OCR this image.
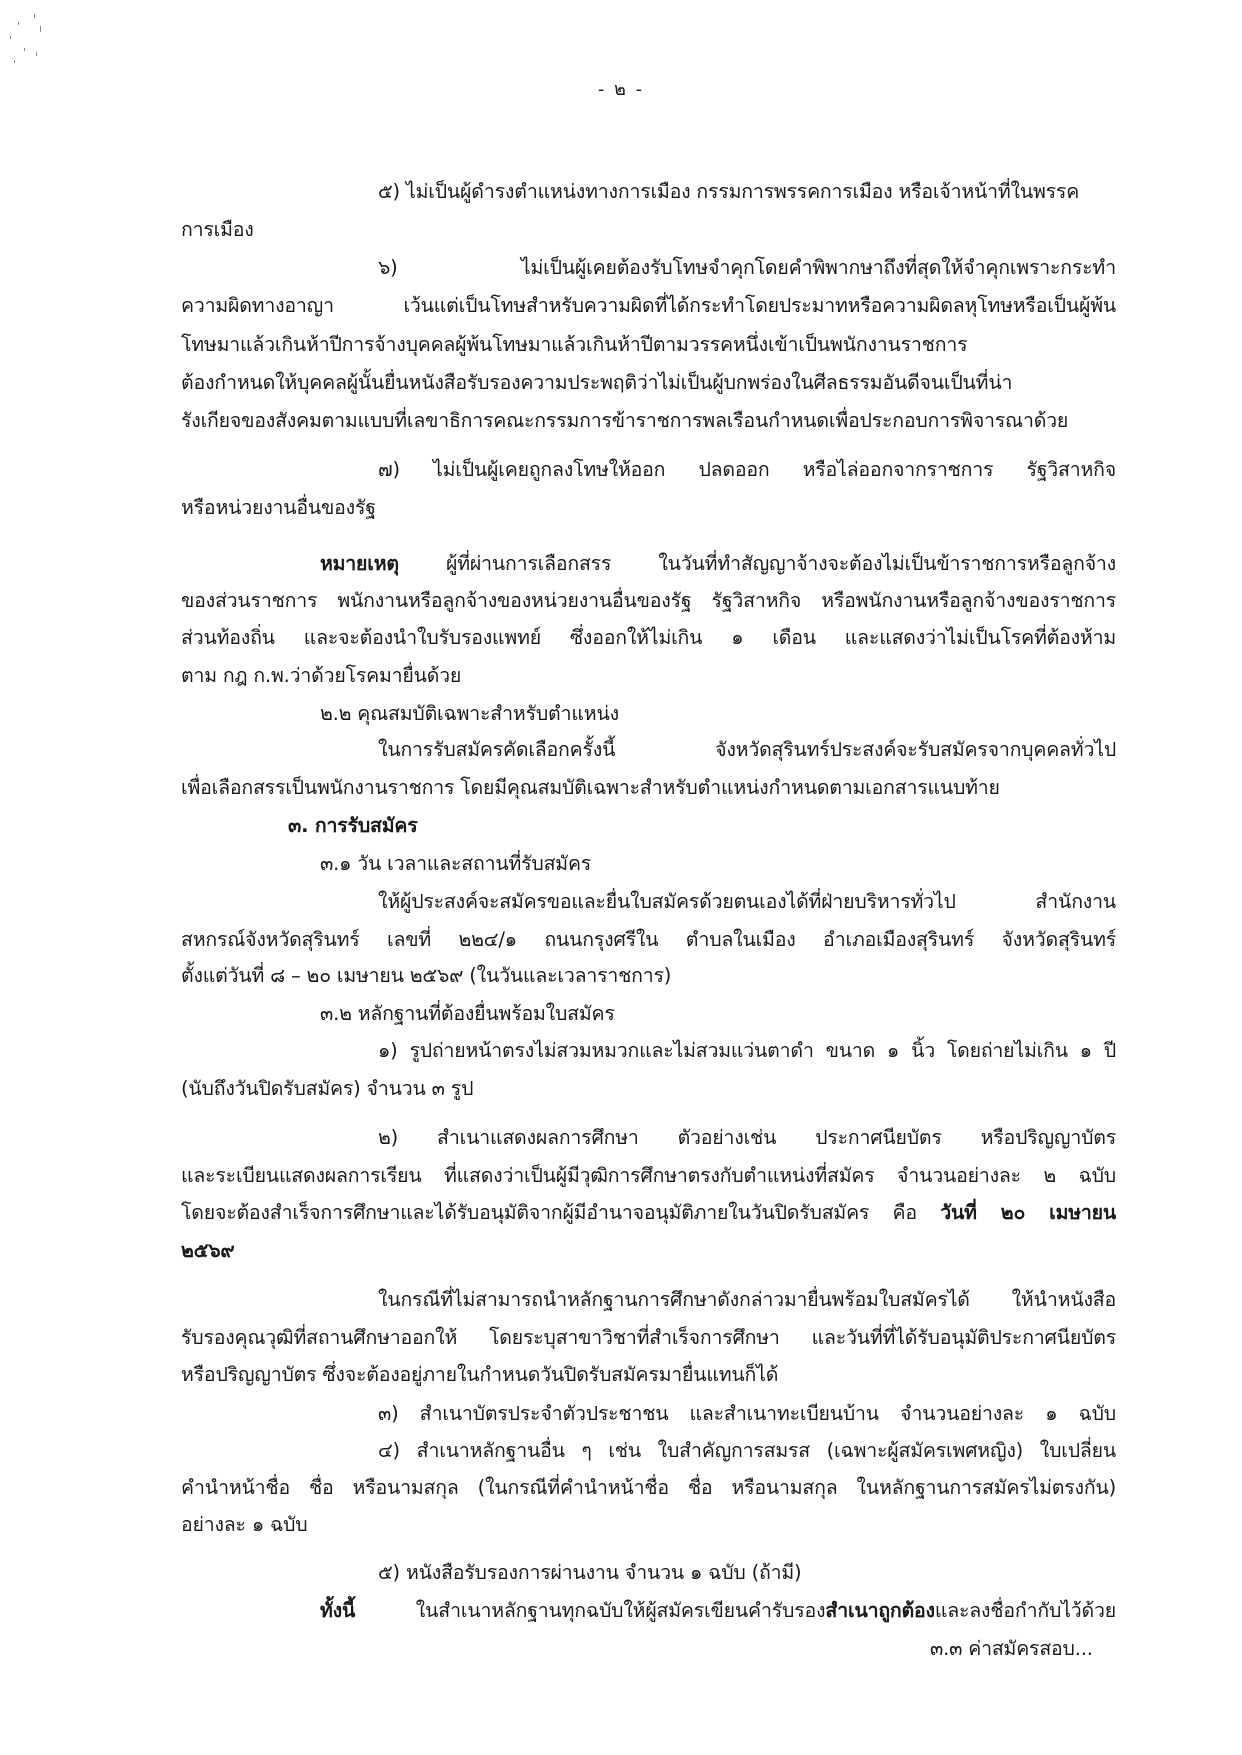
- ๒ -
๕) ไม่เป็นผู้ดำรงตำแหน่งทางการเมือง กรรมการพรรคการเมือง หรือเจ้าหน้าที่ในพรรค
การเมือง
๖) ไม่เป็นผู้เคยต้องรับโทษจำคุกโดยคำพิพากษาถึงที่สุดให้จำคุกเพราะกระทำ
ความผิดทางอาญา เว้นแต่เป็นโทษสำหรับความผิดที่ได้กระทำโดยประมาทหรือความผิดลหุโทษหรือเป็นผู้พ้น
โทษมาแล้วเกินห้าปีการจ้างบุคคลผู้พ้นโทษมาแล้วเกินห้าปีตามวรรคหนึ่งเข้าเป็นพนักงานราชการ
ต้องกำหนดให้บุคคลผู้นั้นยื่นหนังสือรับรองความประพฤติว่าไม่เป็นผู้บกพร่องในศีลธรรมอันดีจนเป็นที่น่า
รังเกียจของสังคมตามแบบที่เลขาธิการคณะกรรมการข้าราชการพลเรือนกำหนดเพื่อประกอบการพิจารณาด้วย
๗) ไม่เป็นผู้เคยถูกลงโทษให้ออก ปลดออก หรือไล่ออกจากราชการ รัฐวิสาหกิจ
หรือหน่วยงานอื่นของรัฐ
หมายเหตุ ผู้ที่ผ่านการเลือกสรร ในวันที่ทำสัญญาจ้างจะต้องไม่เป็นข้าราชการหรือลูกจ้าง
ของส่วนราชการ พนักงานหรือลูกจ้างของหน่วยงานอื่นของรัฐ รัฐวิสาหกิจ หรือพนักงานหรือลูกจ้างของราชการ
ส่วนท้องถิ่น และจะต้องนำใบรับรองแพทย์ ซึ่งออกให้ไม่เกิน ๑ เดือน และแสดงว่าไม่เป็นโรคที่ต้องห้าม
ตาม กฎ ก.พ.ว่าด้วยโรคมายื่นด้วย
๒.๒ คุณสมบัติเฉพาะสำหรับตำแหน่ง
ในการรับสมัครคัดเลือกครั้งนี้ จังหวัดสุรินทร์ประสงค์จะรับสมัครจากบุคคลทั่วไป
เพื่อเลือกสรรเป็นพนักงานราชการ โดยมีคุณสมบัติเฉพาะสำหรับตำแหน่งกำหนดตามเอกสารแนบท้าย
๓. การรับสมัคร
๓.๑ วัน เวลาและสถานที่รับสมัคร
ให้ผู้ประสงค์จะสมัครขอและยื่นใบสมัครด้วยตนเองได้ที่ฝ่ายบริหารทั่วไป สำนักงาน
สหกรณ์จังหวัดสุรินทร์ เลขที่ ๒๒๔/๑ ถนนกรุงศรีใน ตำบลในเมือง อำเภอเมืองสุรินทร์ จังหวัดสุรินทร์
ตั้งแต่วันที่ ๘ – ๒๐ เมษายน ๒๕๖๙ (ในวันและเวลาราชการ)
๓.๒ หลักฐานที่ต้องยื่นพร้อมใบสมัคร
๑) รูปถ่ายหน้าตรงไม่สวมหมวกและไม่สวมแว่นตาดำ ขนาด ๑ นิ้ว โดยถ่ายไม่เกิน ๑ ปี
(นับถึงวันปิดรับสมัคร) จำนวน ๓ รูป
๒) สำเนาแสดงผลการศึกษา ตัวอย่างเช่น ประกาศนียบัตร หรือปริญญาบัตร
และระเบียนแสดงผลการเรียน ที่แสดงว่าเป็นผู้มีวุฒิการศึกษาตรงกับตำแหน่งที่สมัคร จำนวนอย่างละ ๒ ฉบับ
โดยจะต้องสำเร็จการศึกษาและได้รับอนุมัติจากผู้มีอำนาจอนุมัติภายในวันปิดรับสมัคร คือ วันที่ ๒๐ เมษายน
๒๕๖๙
ในกรณีที่ไม่สามารถนำหลักฐานการศึกษาดังกล่าวมายื่นพร้อมใบสมัครได้ ให้นำหนังสือ
รับรองคุณวุฒิที่สถานศึกษาออกให้ โดยระบุสาขาวิชาที่สำเร็จการศึกษา และวันที่ที่ได้รับอนุมัติประกาศนียบัตร
หรือปริญญาบัตร ซึ่งจะต้องอยู่ภายในกำหนดวันปิดรับสมัครมายื่นแทนก็ได้
๓) สำเนาบัตรประจำตัวประชาชน และสำเนาทะเบียนบ้าน จำนวนอย่างละ ๑ ฉบับ
๔) สำเนาหลักฐานอื่น ๆ เช่น ใบสำคัญการสมรส (เฉพาะผู้สมัครเพศหญิง) ใบเปลี่ยน
คำนำหน้าชื่อ ชื่อ หรือนามสกุล (ในกรณีที่คำนำหน้าชื่อ ชื่อ หรือนามสกุล ในหลักฐานการสมัครไม่ตรงกัน)
อย่างละ ๑ ฉบับ
๕) หนังสือรับรองการผ่านงาน จำนวน ๑ ฉบับ (ถ้ามี)
ทั้งนี้ ในสำเนาหลักฐานทุกฉบับให้ผู้สมัครเขียนคำรับรองสำเนาถูกต้องและลงชื่อกำกับไว้ด้วย
๓.๓ ค่าสมัครสอบ...
